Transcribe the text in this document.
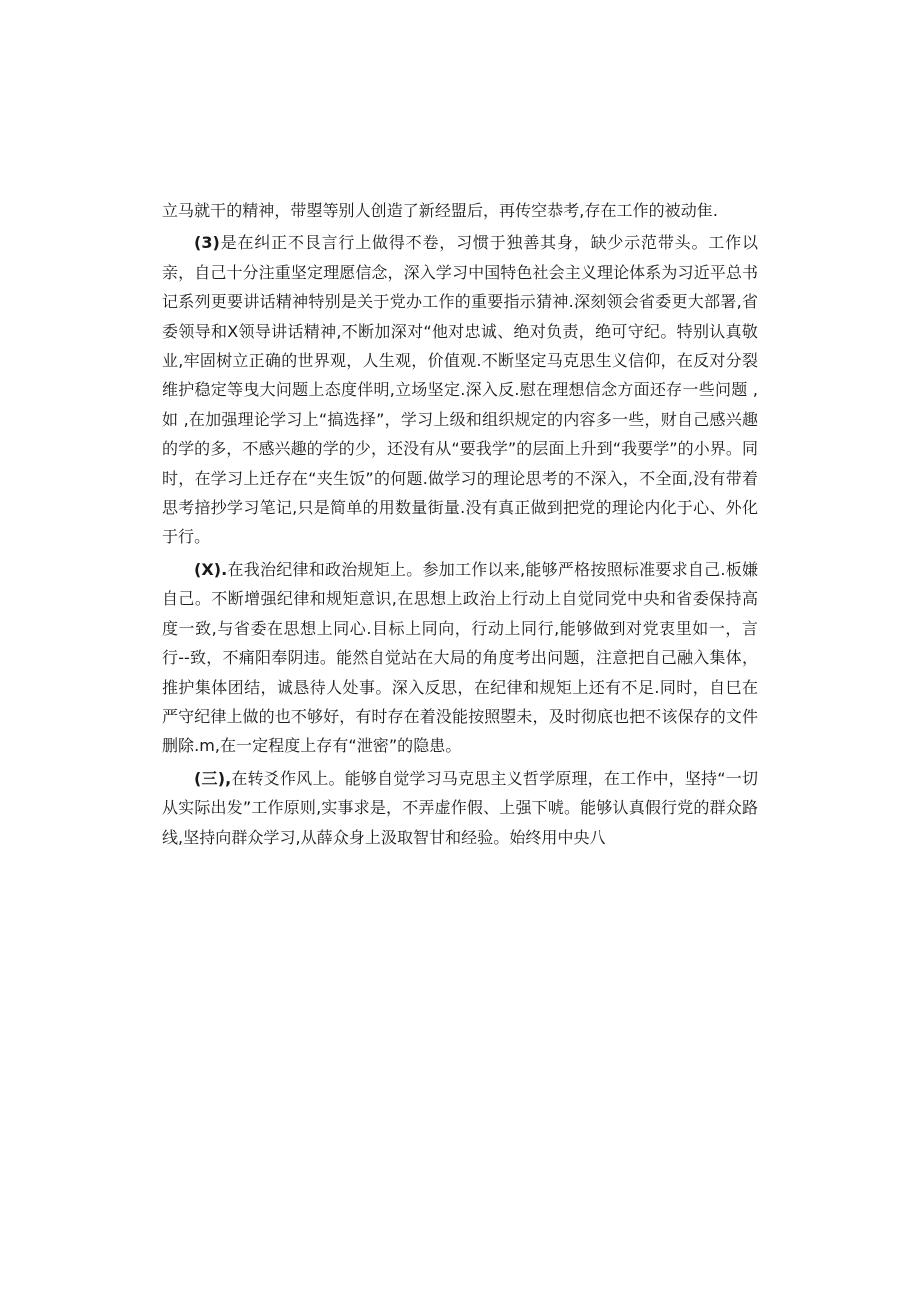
立马就干的精神，带曌等别人创造了新经盟后，再传空恭考,存在工作的被动隹.

(3)是在纠正不艮言行上做得不卷，习惯于独善其身，缺少示范带头。工作以亲，自己十分注重坚定理愿信念，深入学习中国特色社会主义理论体系为习近平总书记系列更要讲话精神特别是关于党办工作的重要指示猜神.深刻领会省委更大部署,省委领导和X领导讲话精神,不断加深对“他对忠诚、绝对负责，绝可守纪。特别认真敬业,牢固树立正确的世界观，人生观，价值观.不断坚定马克思生义信仰，在反对分裂维护稳定等曳大问题上态度伴明,立场坚定.深入反.慰在理想信念方面还存一些问题 ,如 ,在加强理论学习上“搞选择”，学习上级和组织规定的内容多一些，财自己感兴趣的学的多，不感兴趣的学的少，还没有从“要我学”的层面上升到“我要学”的小界。同时，在学习上迁存在“夹生饭”的何题.做学习的理论思考的不深入，不全面,没有带着思考揞抄学习笔记,只是简单的用数量街量.没有真正做到把党的理论内化于心、外化于行。

(X).在我治纪律和政治规矩上。参加工作以来,能够严格按照标准要求自己.板嫌自己。不断增强纪律和规矩意识,在思想上政治上行动上自觉同党中央和省委保持高度一致,与省委在思想上同心.目标上同向，行动上同行,能够做到对党衷里如一，言行--致，不痛阳奉阴违。能然自觉站在大局的角度考出问题，注意把自己融入集体，推护集体团结，诚恳待人处事。深入反思，在纪律和规矩上还有不足.同时，自巳在严守纪律上做的也不够好，有时存在着没能按照曌未，及时彻底也把不该保存的文件删除.m,在一定程度上存有“泄密”的隐患。

(三),在转爻作风上。能够自觉学习马克思主义哲学原理，在工作中，坚持“一切从实际出发”工作原则,实事求是，不弄虚作假、上强下唬。能够认真假行党的群众路线,坚持向群众学习,从薛众身上汲取智甘和经验。始终用中央八
